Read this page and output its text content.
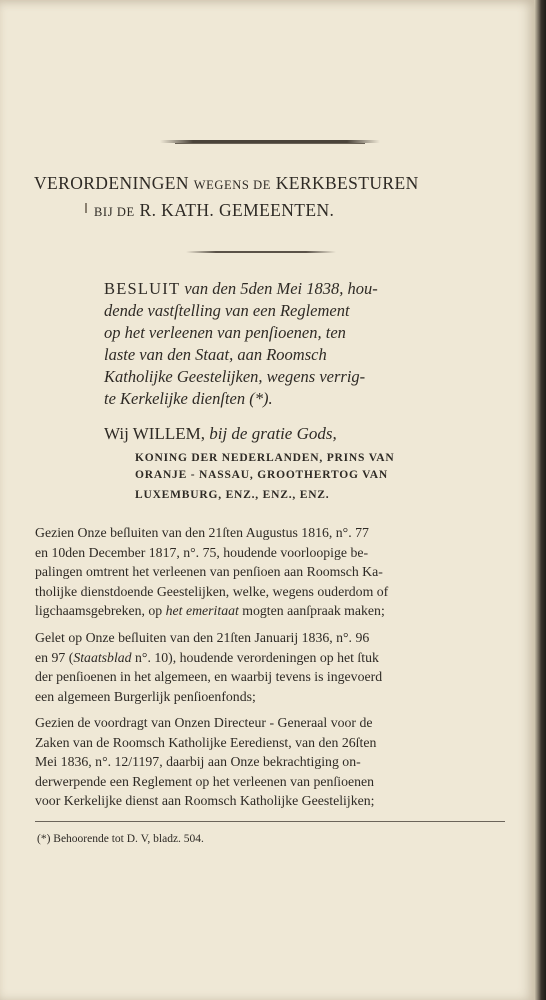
VERORDENINGEN WEGENS DE KERKBESTUREN
BIJ DE R. KATH. GEMEENTEN.
BESLUIT van den 5den Mei 1838, hou-
dende vastſtelling van een Reglement
op het verleenen van penſioenen, ten
laste van den Staat, aan Roomsch
Katholijke Geestelijken, wegens verrig-
te Kerkelijke dienſten (*).
Wij WILLEM, bij de gratie Gods,
KONING DER NEDERLANDEN, PRINS VAN
ORANJE - NASSAU, GROOTHERTOG VAN
LUXEMBURG, ENZ., ENZ., ENZ.
Gezien Onze beſluiten van den 21ſten Augustus 1816, n°. 77
en 10den December 1817, n°. 75, houdende voorloopige be-
palingen omtrent het verleenen van penſioen aan Roomsch Ka-
tholijke dienstdoende Geestelijken, welke, wegens ouderdom of
ligchaamsgebreken, op het emeritaat mogten aanſpraak maken;
Gelet op Onze beſluiten van den 21ſten Januarij 1836, n°. 96
en 97 (Staatsblad n°. 10), houdende verordeningen op het ſtuk
der penſioenen in het algemeen, en waarbij tevens is ingevoerd
een algemeen Burgerlijk penſioenfonds;
Gezien de voordragt van Onzen Directeur - Generaal voor de
Zaken van de Roomsch Katholijke Eeredienst, van den 26ſten
Mei 1836, n°. 12/1197, daarbij aan Onze bekrachtiging on-
derwerpende een Reglement op het verleenen van penſioenen
voor Kerkelijke dienst aan Roomsch Katholijke Geestelijken;
(*) Behoorende tot D. V, bladz. 504.
